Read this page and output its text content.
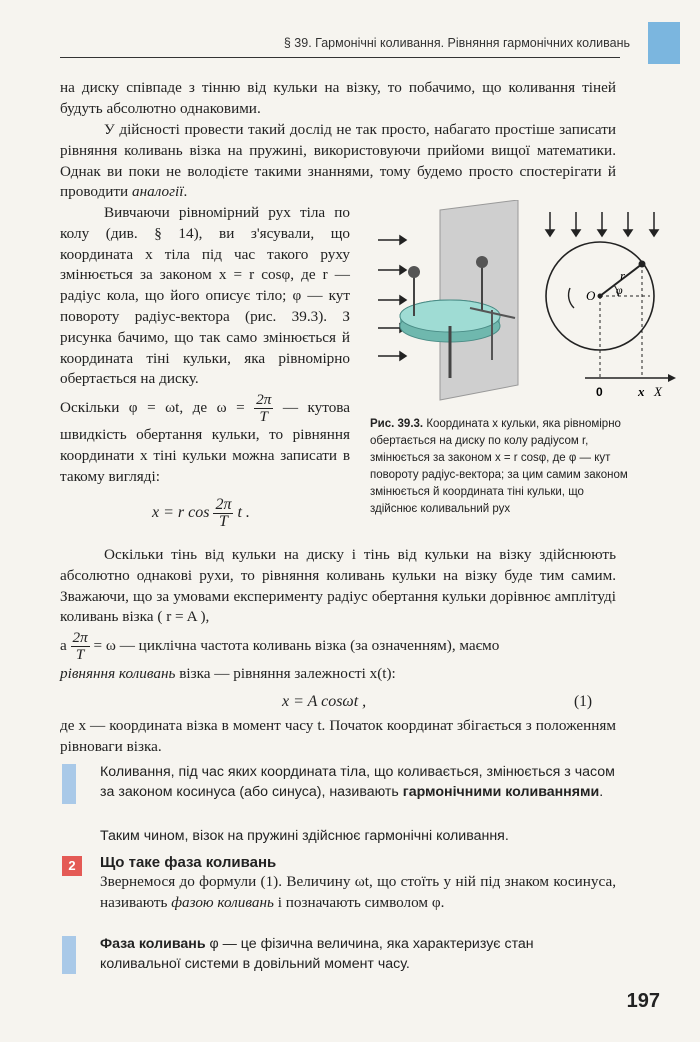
§ 39. Гармонічні коливання. Рівняння гармонічних коливань
на диску співпаде з тінню від кульки на візку, то побачимо, що коливання тіней будуть абсолютно однаковими.
У дійсності провести такий дослід не так просто, набагато простіше записати рівняння коливань візка на пружині, використовуючи прийоми вищої математики. Однак ви поки не володієте такими знаннями, тому будемо просто спостерігати й проводити аналогії.
Вивчаючи рівномірний рух тіла по колу (див. § 14), ви з'ясували, що координата x тіла під час такого руху змінюється за законом x = r cosφ, де r — радіус кола, що його описує тіло; φ — кут повороту радіус-вектора (рис. 39.3). З рисунка бачимо, що так само змінюється й координата тіні кульки, яка рівномірно обертається на диску.
Оскільки φ = ωt, де $\omega = \frac{2\pi}{T}$ — кутова швидкість обертання кульки, то рівняння координати x тіні кульки можна записати в такому вигляді:
x = r $\cos \frac{2\pi}{T}$ t .
r
O φ
0	x X
Рис. 39.3. Координата x кульки, яка рівномірно обертається на диску по колу радіусом r, змінюється за законом x = r cosφ, де φ — кут повороту радіус-вектора; за цим самим законом змінюється й координата тіні кульки, що здійснює коливальний рух
Оскільки тінь від кульки на диску і тінь від кульки на візку здійснюють абсолютно однакові рухи, то рівняння коливань кульки на візку буде тим самим. Зважаючи, що за умовами експерименту радіус обертання кульки дорівнює амплітуді коливань візка ( r = A ),
а $\frac{2\pi}{T} = \omega$ — циклічна частота коливань візка (за означенням), маємо
рівняння коливань візка — рівняння залежності x(t):
x = A cosωt ,	(1)
де x — координата візка в момент часу t. Початок координат збігається з положенням рівноваги візка.
Коливання, під час яких координата тіла, що коливається, змінюється з часом за законом косинуса (або синуса), називають гармонічними коливаннями.
Таким чином, візок на пружині здійснює гармонічні коливання.
2	Що таке фаза коливань
Звернемося до формули (1). Величину ωt, що стоїть у ній під знаком косинуса, називають фазою коливань і позначають символом φ.
Фаза коливань φ — це фізична величина, яка характеризує стан коливальної системи в довільний момент часу.
197
